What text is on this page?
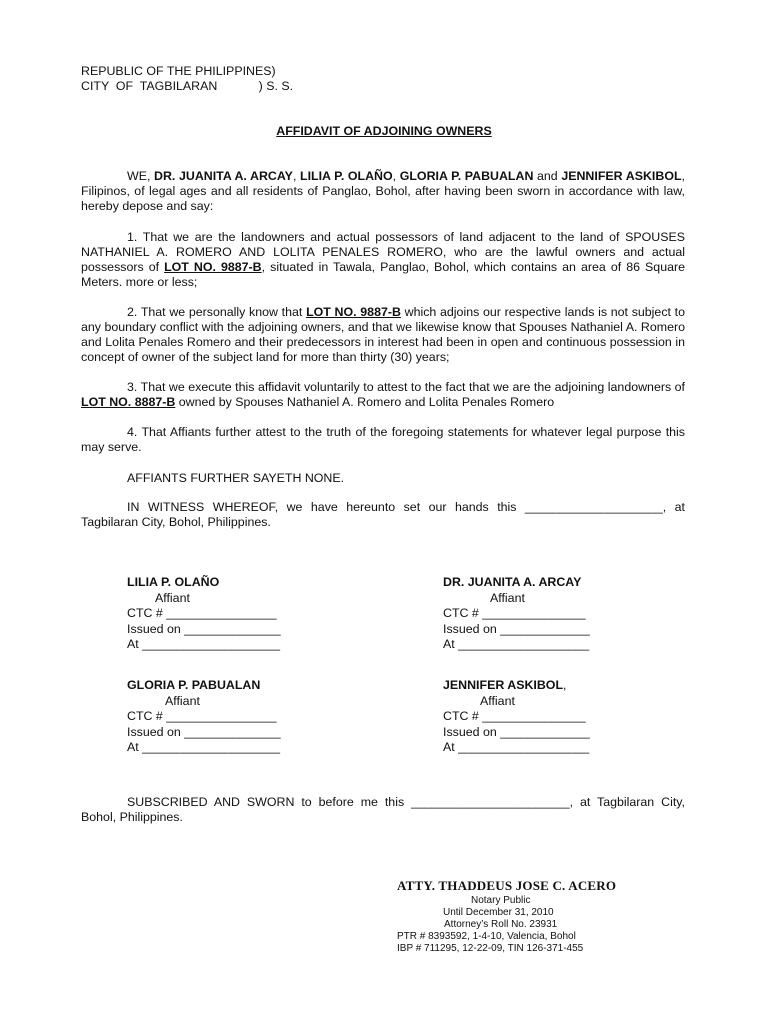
REPUBLIC OF THE PHILIPPINES)
CITY  OF  TAGBILARAN            ) S. S.
AFFIDAVIT OF ADJOINING OWNERS
WE, DR. JUANITA A. ARCAY, LILIA P. OLAÑO, GLORIA P. PABUALAN and JENNIFER ASKIBOL, Filipinos, of legal ages and all residents of Panglao, Bohol, after having been sworn in accordance with law, hereby depose and say:
1. That we are the landowners and actual possessors of land adjacent to the land of SPOUSES NATHANIEL A. ROMERO AND LOLITA PENALES ROMERO, who are the lawful owners and actual possessors of LOT NO. 9887-B, situated in Tawala, Panglao, Bohol, which contains an area of 86 Square Meters. more or less;
2. That we personally know that LOT NO. 9887-B which adjoins our respective lands is not subject to any boundary conflict with the adjoining owners, and that we likewise know that Spouses Nathaniel A. Romero and Lolita Penales Romero and their predecessors in interest had been in open and continuous possession in concept of owner of the subject land for more than thirty (30) years;
3. That we execute this affidavit voluntarily to attest to the fact that we are the adjoining landowners of LOT NO. 8887-B owned by Spouses Nathaniel A. Romero and Lolita Penales Romero
4. That Affiants further attest to the truth of the foregoing statements for whatever legal purpose this may serve.
AFFIANTS FURTHER SAYETH NONE.
IN WITNESS WHEREOF, we have hereunto set our hands this ____________________, at Tagbilaran City, Bohol, Philippines.
LILIA P. OLAÑO
Affiant
CTC # ________________
Issued on ______________
At ____________________
DR. JUANITA A. ARCAY
Affiant
CTC # _______________
Issued on _____________
At ___________________
GLORIA P. PABUALAN
Affiant
CTC # ________________
Issued on ______________
At ____________________
JENNIFER ASKIBOL,
Affiant
CTC # _______________
Issued on _____________
At ___________________
SUBSCRIBED AND SWORN to before me this _______________________, at Tagbilaran City, Bohol, Philippines.
ATTY. THADDEUS JOSE C. ACERO
Notary Public
Until December 31, 2010
Attorney’s Roll No. 23931
PTR # 8393592, 1-4-10, Valencia, Bohol
IBP # 711295, 12-22-09, TIN 126-371-455
